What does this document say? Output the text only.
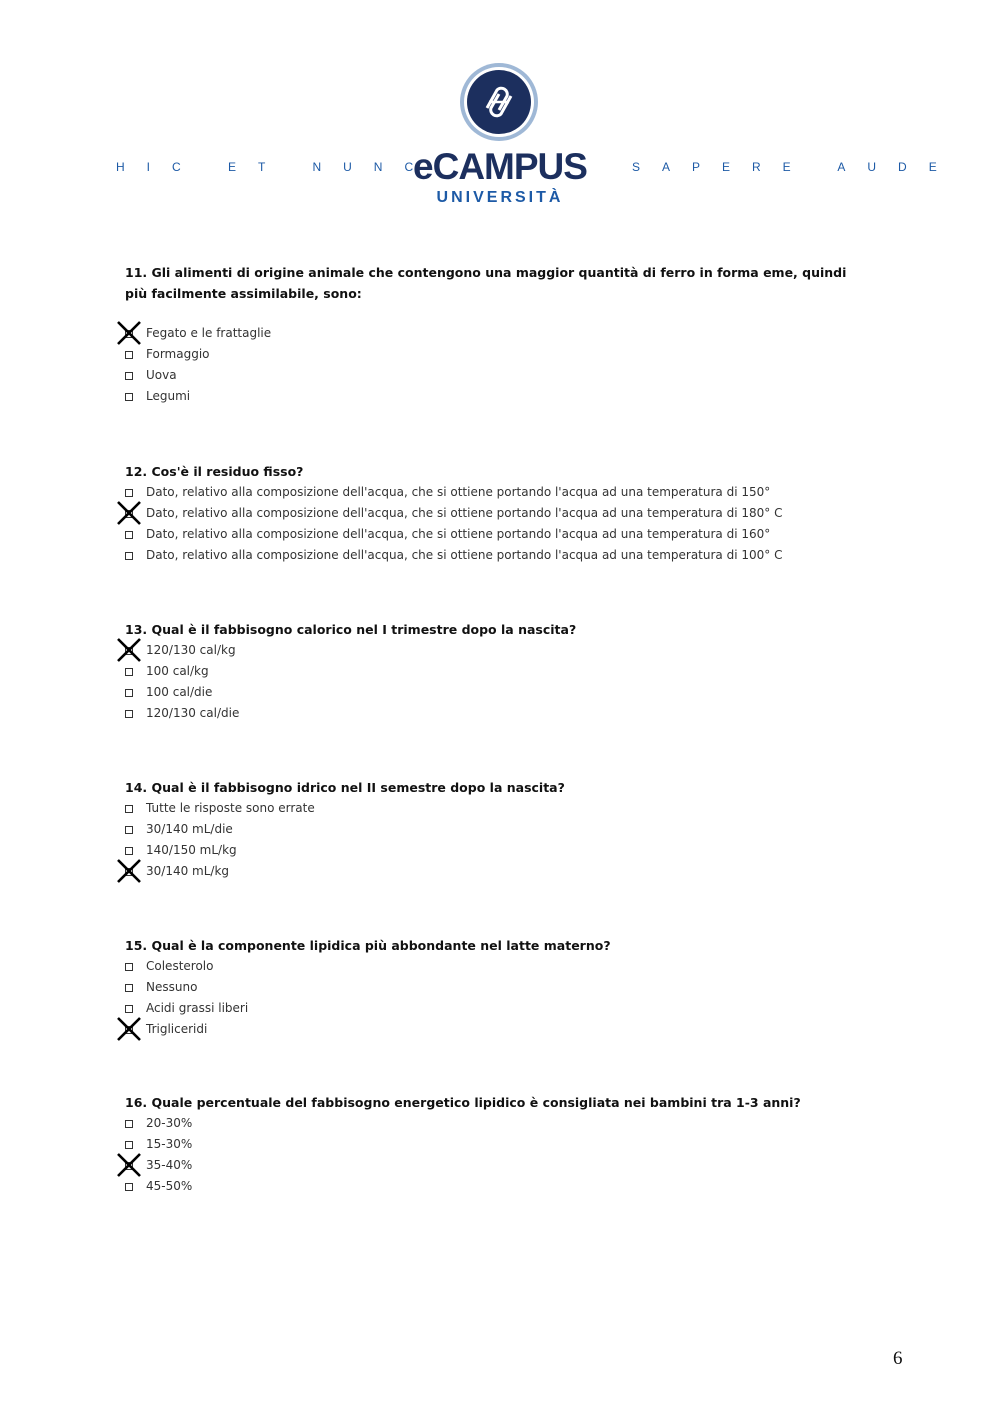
HIC ET NUNC
eCAMPUS
UNIVERSITÀ
SAPERE AUDE

11. Gli alimenti di origine animale che contengono una maggior quantità di ferro in forma eme, quindi più facilmente assimilabile, sono:

Fegato e le frattaglie
Formaggio
Uova
Legumi

12. Cos'è il residuo fisso?

Dato, relativo alla composizione dell'acqua, che si ottiene portando l'acqua ad una temperatura di 150°
Dato, relativo alla composizione dell'acqua, che si ottiene portando l'acqua ad una temperatura di 180° C
Dato, relativo alla composizione dell'acqua, che si ottiene portando l'acqua ad una temperatura di 160°
Dato, relativo alla composizione dell'acqua, che si ottiene portando l'acqua ad una temperatura di 100° C

13. Qual è il fabbisogno calorico nel I trimestre dopo la nascita?

120/130 cal/kg
100 cal/kg
100 cal/die
120/130 cal/die

14. Qual è il fabbisogno idrico nel II semestre dopo la nascita?

Tutte le risposte sono errate
30/140 mL/die
140/150 mL/kg
30/140 mL/kg

15. Qual è la componente lipidica più abbondante nel latte materno?

Colesterolo
Nessuno
Acidi grassi liberi
Trigliceridi

16. Quale percentuale del fabbisogno energetico lipidico è consigliata nei bambini tra 1-3 anni?

20-30%
15-30%
35-40%
45-50%
6
